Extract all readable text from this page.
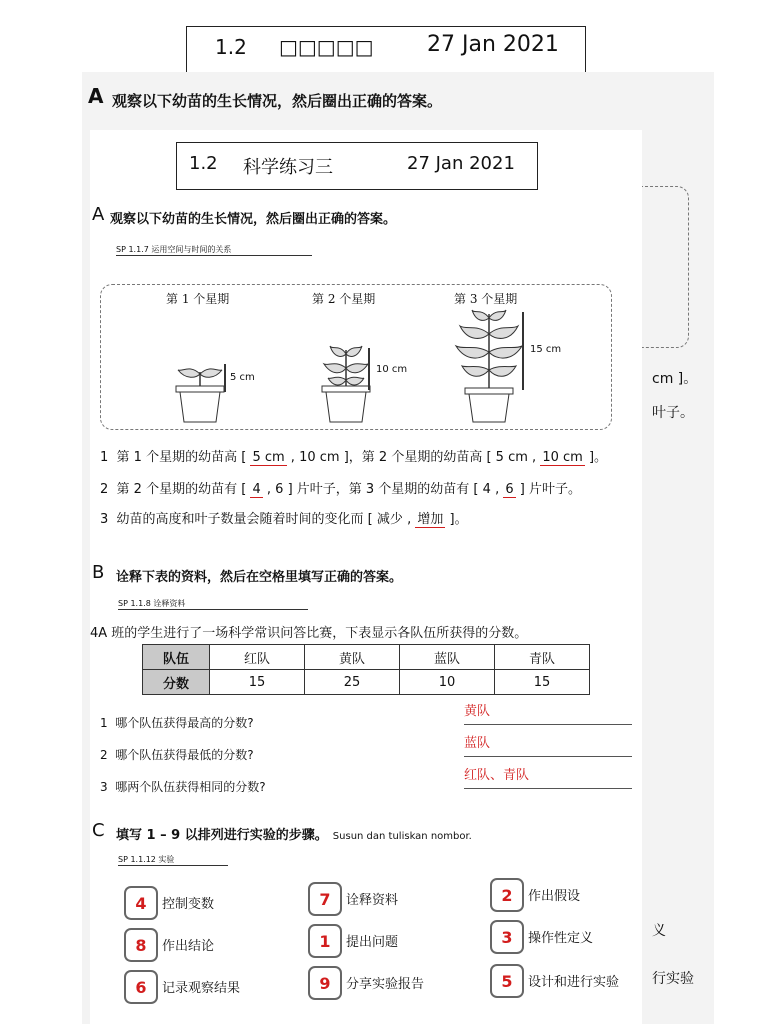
1.2 □□□□□ 27 Jan 2021
A 观察以下幼苗的生长情况，然后圈出正确的答案。
cm ]。
叶子。
义
行实验
1.2 科学练习三	27 Jan 2021
A 观察以下幼苗的生长情况，然后圈出正确的答案。
SP 1.1.7 运用空间与时间的关系
第 1 个星期	第 2 个星期	第 3 个星期
5 cm
10 cm
15 cm
1 第 1 个星期的幼苗高 [ 5 cm , 10 cm ]，第 2 个星期的幼苗高 [ 5 cm , 10 cm ]。
2 第 2 个星期的幼苗有 [ 4 , 6 ] 片叶子，第 3 个星期的幼苗有 [ 4 , 6 ] 片叶子。
3 幼苗的高度和叶子数量会随着时间的变化而 [ 减少 , 增加 ]。
B 诠释下表的资料，然后在空格里填写正确的答案。
SP 1.1.8 诠释资料
4A 班的学生进行了一场科学常识问答比赛，下表显示各队伍所获得的分数。
队伍	红队	黄队	蓝队	青队
分数	15	25	10	15
1 哪个队伍获得最高的分数?
黄队
2 哪个队伍获得最低的分数?
蓝队
3 哪两个队伍获得相同的分数?
红队、青队
C 填写 1 – 9 以排列进行实验的步骤。 Susun dan tuliskan nombor.
SP 1.1.12 实验
4	控制变数	7	诠释资料	2	作出假设
8	作出结论	1	提出问题	3	操作性定义
6	记录观察结果	9	分享实验报告	5	设计和进行实验
